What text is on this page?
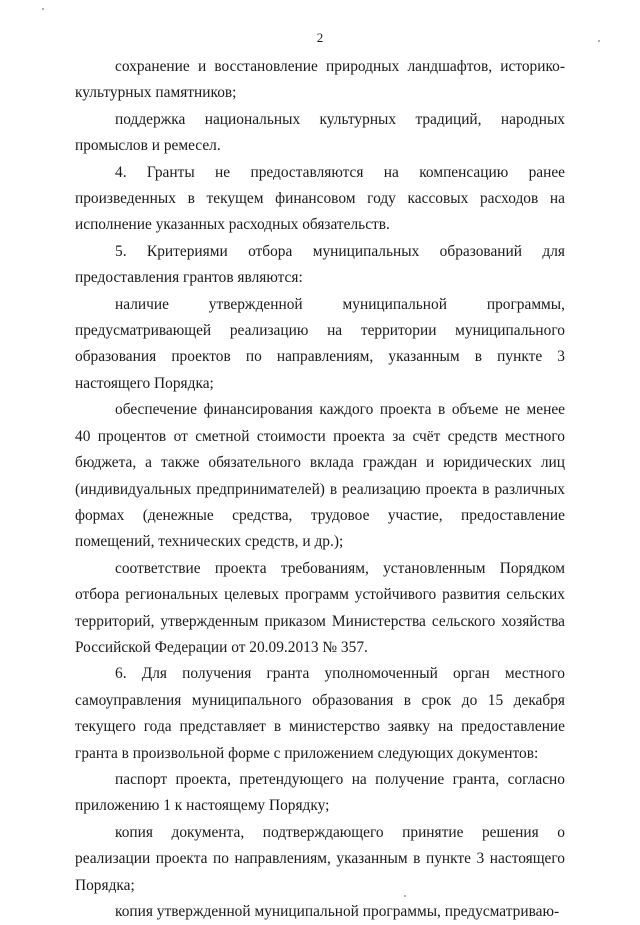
2

сохранение и восстановление природных ландшафтов, историко-культурных памятников;

поддержка национальных культурных традиций, народных промыслов и ремесел.

4. Гранты не предоставляются на компенсацию ранее произведенных в текущем финансовом году кассовых расходов на исполнение указанных расходных обязательств.

5. Критериями отбора муниципальных образований для предоставления грантов являются:

наличие утвержденной муниципальной программы, предусматривающей реализацию на территории муниципального образования проектов по направлениям, указанным в пункте 3 настоящего Порядка;

обеспечение финансирования каждого проекта в объеме не менее 40 процентов от сметной стоимости проекта за счёт средств местного бюджета, а также обязательного вклада граждан и юридических лиц (индивидуальных предпринимателей) в реализацию проекта в различных формах (денежные средства, трудовое участие, предоставление помещений, технических средств, и др.);

соответствие проекта требованиям, установленным Порядком отбора региональных целевых программ устойчивого развития сельских территорий, утвержденным приказом Министерства сельского хозяйства Российской Федерации от 20.09.2013 № 357.

6. Для получения гранта уполномоченный орган местного самоуправления муниципального образования в срок до 15 декабря текущего года представляет в министерство заявку на предоставление гранта в произвольной форме с приложением следующих документов:

паспорт проекта, претендующего на получение гранта, согласно приложению 1 к настоящему Порядку;

копия документа, подтверждающего принятие решения о реализации проекта по направлениям, указанным в пункте 3 настоящего Порядка;

копия утвержденной муниципальной программы, предусматриваю-
